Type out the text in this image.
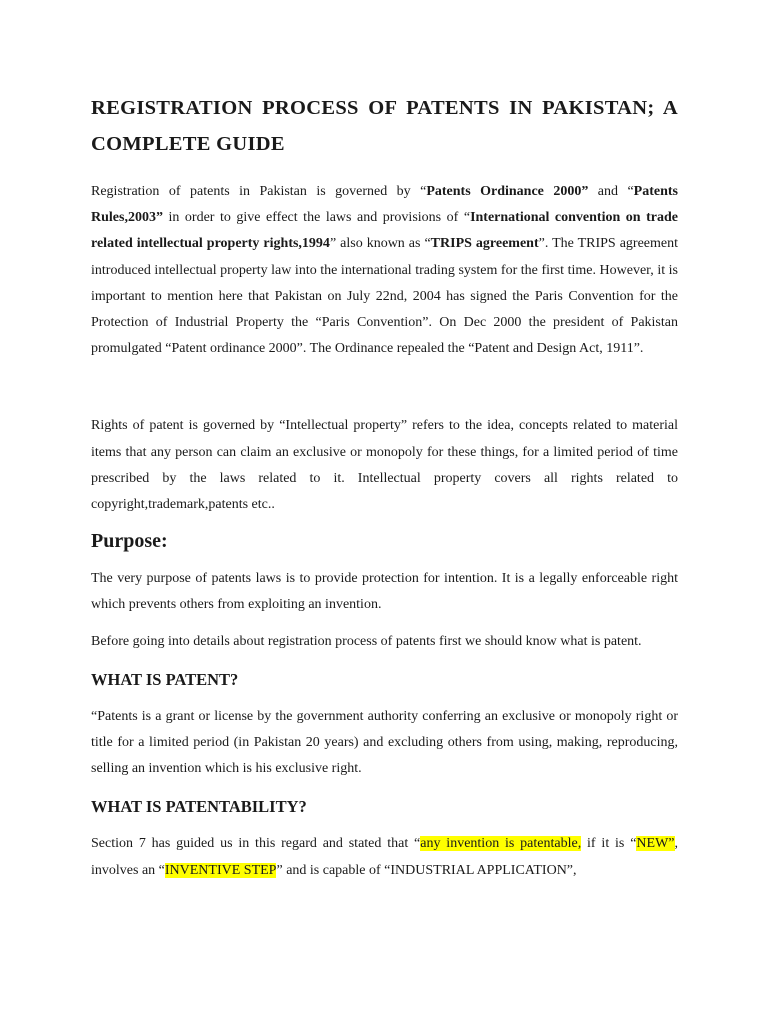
REGISTRATION PROCESS OF PATENTS IN PAKISTAN; A COMPLETE GUIDE

Registration of patents in Pakistan is governed by “Patents Ordinance 2000” and “Patents Rules,2003” in order to give effect the laws and provisions of “International convention on trade related intellectual property rights,1994” also known as “TRIPS agreement”. The TRIPS agreement introduced intellectual property law into the international trading system for the first time. However, it is important to mention here that Pakistan on July 22nd, 2004 has signed the Paris Convention for the Protection of Industrial Property the “Paris Convention”. On Dec 2000 the president of Pakistan promulgated “Patent ordinance 2000”. The Ordinance repealed the “Patent and Design Act, 1911”.

Rights of patent is governed by “Intellectual property” refers to the idea, concepts related to material items that any person can claim an exclusive or monopoly for these things, for a limited period of time prescribed by the laws related to it. Intellectual property covers all rights related to copyright,trademark,patents etc..

Purpose:

The very purpose of patents laws is to provide protection for intention. It is a legally enforceable right which prevents others from exploiting an invention.

Before going into details about registration process of patents first we should know what is patent.

WHAT IS PATENT?

“Patents is a grant or license by the government authority conferring an exclusive or monopoly right or title for a limited period (in Pakistan 20 years) and excluding others from using, making, reproducing, selling an invention which is his exclusive right.

WHAT IS PATENTABILITY?

Section 7 has guided us in this regard and stated that “any invention is patentable, if it is “NEW”, involves an “INVENTIVE STEP” and is capable of “INDUSTRIAL APPLICATION”,
